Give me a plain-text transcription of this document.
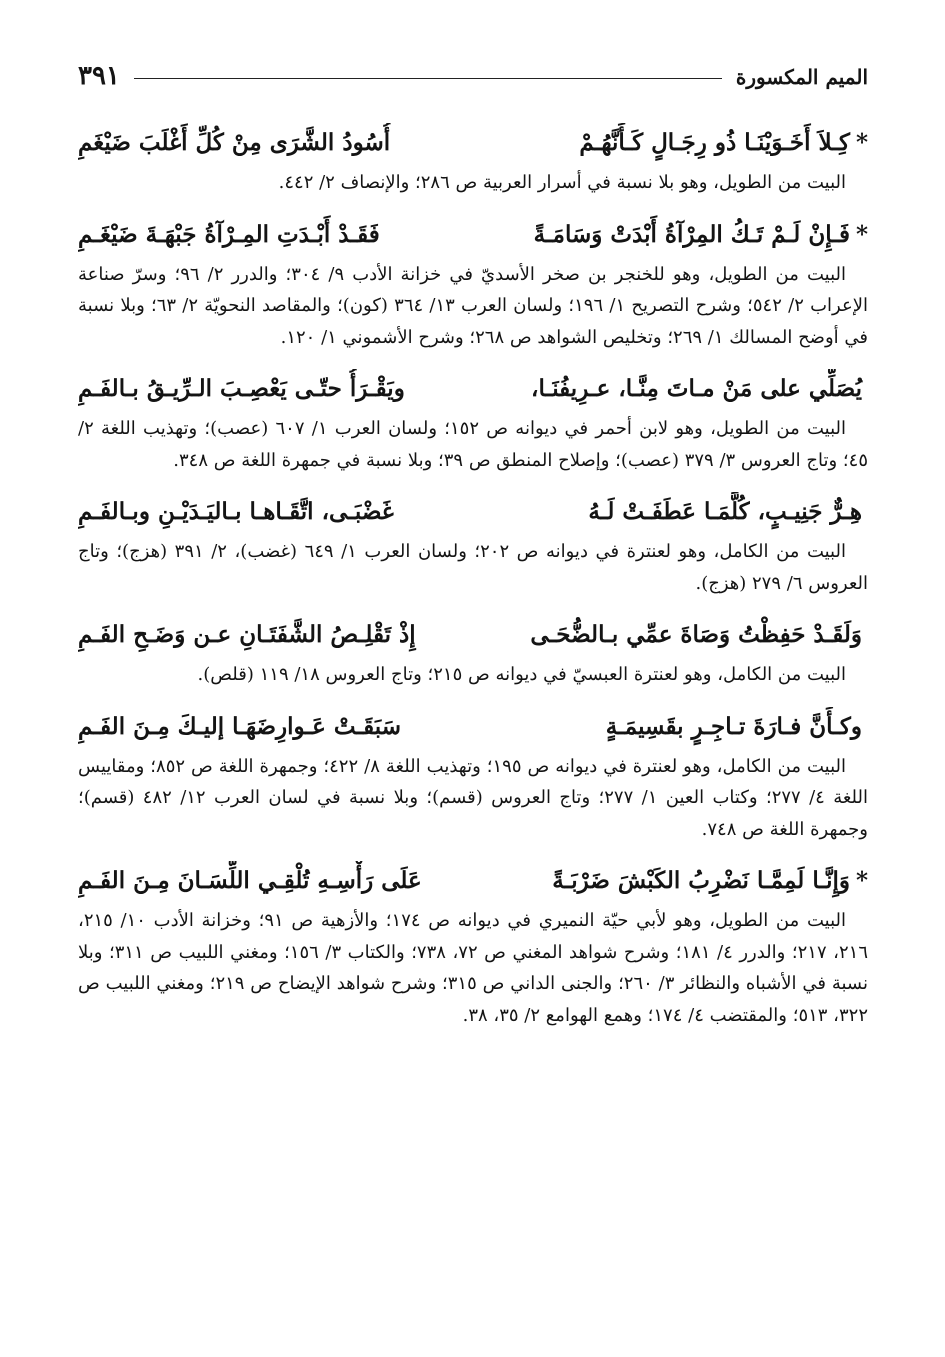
الميم المكسورة
٣٩١
*كِـلاَ أَخَـوَيْنَـا ذُو رِجَـالٍ كَـأَنَّهُـمْ
أُسُودُ الشَّرَى مِنْ كُلِّ أَغْلَبَ ضَيْغَمِ

البيت من الطويل، وهو بلا نسبة في أسرار العربية ص ٢٨٦؛ والإنصاف ٢/ ٤٤٢.

*فَـإِنْ لَـمْ تَـكُ المِرْآةُ أَبْدَتْ وَسَامَـةً
فَقَـدْ أَبْـدَتِ المِـرْآةُ جَبْهَـةَ ضَيْغَـمِ

البيت من الطويل، وهو للخنجر بن صخر الأسديّ في خزانة الأدب ٩/ ٣٠٤؛ والدرر ٢/ ٩٦؛ وسرّ صناعة الإعراب ٢/ ٥٤٢؛ وشرح التصريح ١/ ١٩٦؛ ولسان العرب ١٣/ ٣٦٤ (كون)؛ والمقاصد النحويّة ٢/ ٦٣؛ وبلا نسبة في أوضح المسالك ١/ ٢٦٩؛ وتخليص الشواهد ص ٢٦٨؛ وشرح الأشموني ١/ ١٢٠.

يُصَلِّي على مَنْ مـاتَ مِنَّـا، عـرِيفُنَـا،
ويَقْـرَأُ حتّـى يَعْصِـبَ الـرِّيـقُ بـالفَـمِ

البيت من الطويل، وهو لابن أحمر في ديوانه ص ١٥٢؛ ولسان العرب ١/ ٦٠٧ (عصب)؛ وتهذيب اللغة ٢/ ٤٥؛ وتاج العروس ٣/ ٣٧٩ (عصب)؛ وإصلاح المنطق ص ٣٩؛ وبلا نسبة في جمهرة اللغة ص ٣٤٨.

هِـرٌّ جَنِيـبٍ، كُلَّمَـا عَطَفَـتْ لَـهُ
غَضْبَـى، اتَّقَـاهـا بـاليَـدَيْـنِ وبـالفَـمِ

البيت من الكامل، وهو لعنترة في ديوانه ص ٢٠٢؛ ولسان العرب ١/ ٦٤٩ (غضب)، ٢/ ٣٩١ (هزج)؛ وتاج العروس ٦/ ٢٧٩ (هزج).

وَلَقَـدْ حَفِظْتُ وَصَاةَ عمِّي بـالضُّحَـى
إِذْ تَقْلِـصُ الشَّفَتَـانِ عـن وَضَـحِ الفَـمِ

البيت من الكامل، وهو لعنترة العبسيّ في ديوانه ص ٢١٥؛ وتاج العروس ١٨/ ١١٩ (قلص).

وكـأَنَّ فـارَةَ تـاجِـرٍ بقَسِيمَـةٍ
سَبَقَـتْ عَـوارِضَهَـا إليـكَ مِـنَ الفَـمِ

البيت من الكامل، وهو لعنترة في ديوانه ص ١٩٥؛ وتهذيب اللغة ٨/ ٤٢٢؛ وجمهرة اللغة ص ٨٥٢؛ ومقاييس اللغة ٤/ ٢٧٧؛ وكتاب العين ١/ ٢٧٧؛ وتاج العروس (قسم)؛ وبلا نسبة في لسان العرب ١٢/ ٤٨٢ (قسم)؛ وجمهرة اللغة ص ٧٤٨.

*وَإِنَّـا لَمِمَّـا نَضْرِبُ الكَبْشَ ضَرْبَـةً
عَلَى رَأْسِـهِ تُلْقِـي اللِّسَـانَ مِـنَ الفَـمِ

البيت من الطويل، وهو لأبي حيّة النميري في ديوانه ص ١٧٤؛ والأزهية ص ٩١؛ وخزانة الأدب ١٠/ ٢١٥، ٢١٦، ٢١٧؛ والدرر ٤/ ١٨١؛ وشرح شواهد المغني ص ٧٢، ٧٣٨؛ والكتاب ٣/ ١٥٦؛ ومغني اللبيب ص ٣١١؛ وبلا نسبة في الأشباه والنظائر ٣/ ٢٦٠؛ والجنى الداني ص ٣١٥؛ وشرح شواهد الإيضاح ص ٢١٩؛ ومغني اللبيب ص ٣٢٢، ٥١٣؛ والمقتضب ٤/ ١٧٤؛ وهمع الهوامع ٢/ ٣٥، ٣٨.
